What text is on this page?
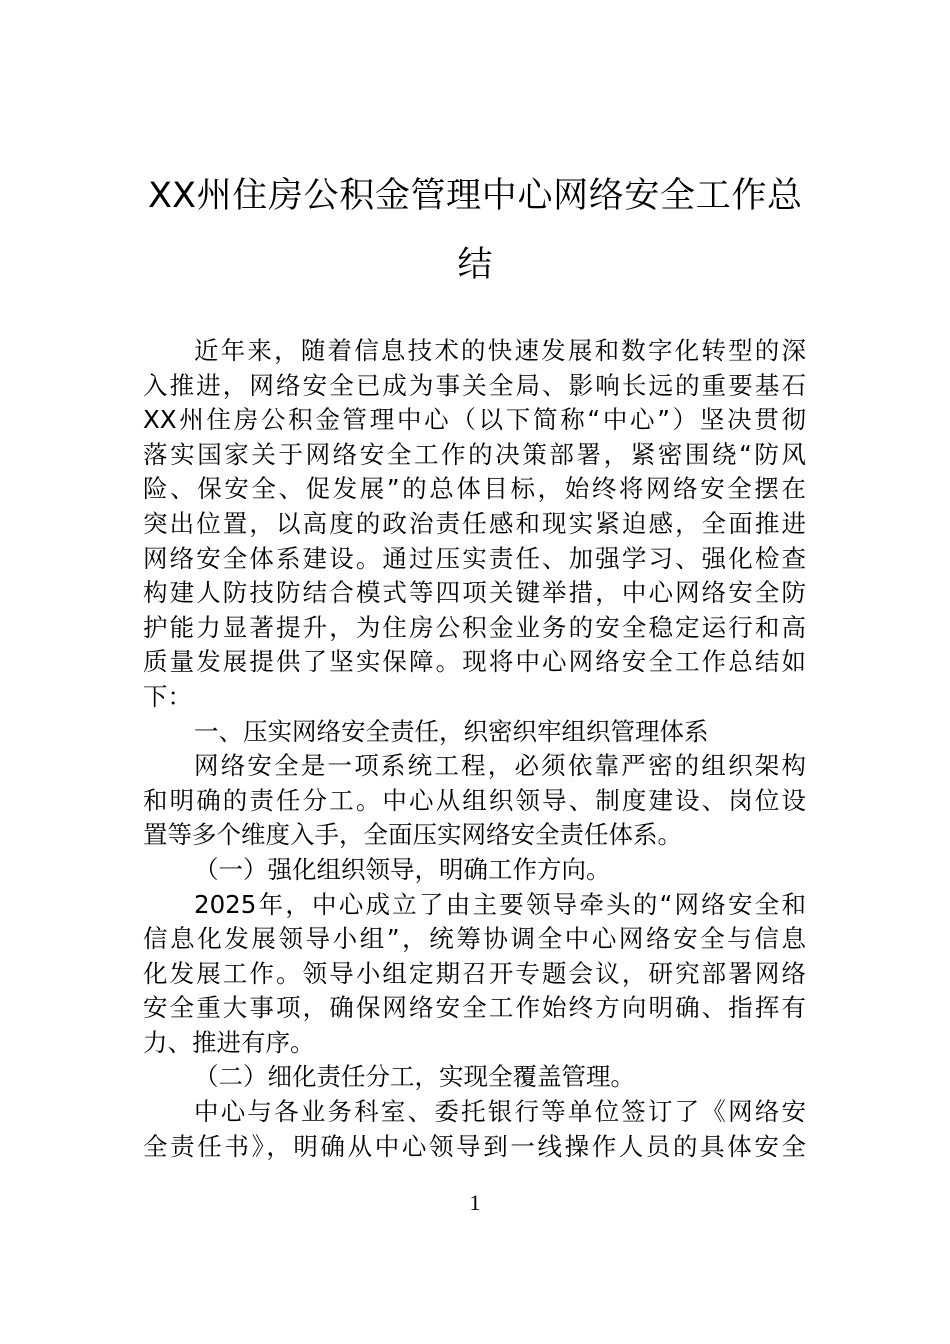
XX州住房公积金管理中心网络安全工作总
结
近年来，随着信息技术的快速发展和数字化转型的深
入推进，网络安全已成为事关全局、影响长远的重要基石
XX州住房公积金管理中心（以下简称“中心”）坚决贯彻
落实国家关于网络安全工作的决策部署，紧密围绕“防风
险、保安全、促发展”的总体目标，始终将网络安全摆在
突出位置，以高度的政治责任感和现实紧迫感，全面推进
网络安全体系建设。通过压实责任、加强学习、强化检查
构建人防技防结合模式等四项关键举措，中心网络安全防
护能力显著提升，为住房公积金业务的安全稳定运行和高
质量发展提供了坚实保障。现将中心网络安全工作总结如
下：
一、压实网络安全责任，织密织牢组织管理体系
网络安全是一项系统工程，必须依靠严密的组织架构
和明确的责任分工。中心从组织领导、制度建设、岗位设
置等多个维度入手，全面压实网络安全责任体系。
（一）强化组织领导，明确工作方向。
2025年，中心成立了由主要领导牵头的“网络安全和
信息化发展领导小组”，统筹协调全中心网络安全与信息
化发展工作。领导小组定期召开专题会议，研究部署网络
安全重大事项，确保网络安全工作始终方向明确、指挥有
力、推进有序。
（二）细化责任分工，实现全覆盖管理。
中心与各业务科室、委托银行等单位签订了《网络安
全责任书》，明确从中心领导到一线操作人员的具体安全
1
